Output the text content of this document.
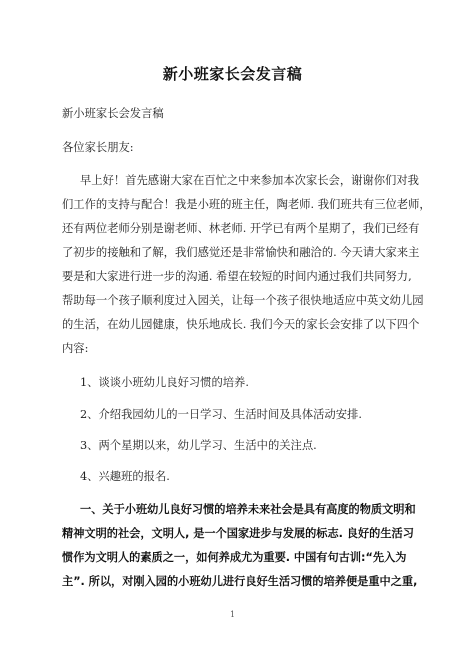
新小班家长会发言稿
新小班家长会发言稿
各位家长朋友:
早上好！首先感谢大家在百忙之中来参加本次家长会，谢谢你们对我
们工作的支持与配合！我是小班的班主任，陶老师. 我们班共有三位老师，
还有两位老师分别是谢老师、林老师. 开学已有两个星期了，我们已经有
了初步的接触和了解，我们感觉还是非常愉快和融洽的. 今天请大家来主
要是和大家进行进一步的沟通. 希望在较短的时间内通过我们共同努力,
帮助每一个孩子顺利度过入园关，让每一个孩子很快地适应中英文幼儿园
的生活，在幼儿园健康，快乐地成长. 我们今天的家长会安排了以下四个
内容:
1、谈谈小班幼儿良好习惯的培养.
2、介绍我园幼儿的一日学习、生活时间及具体活动安排.
3、两个星期以来，幼儿学习、生活中的关注点.
4、兴趣班的报名.
一、关于小班幼儿良好习惯的培养未来社会是具有高度的物质文明和
精神文明的社会，文明人, 是一个国家进步与发展的标志. 良好的生活习
惯作为文明人的素质之一，如何养成尤为重要. 中国有句古训:“先入为
主”. 所以，对刚入园的小班幼儿进行良好生活习惯的培养便是重中之重,
1
